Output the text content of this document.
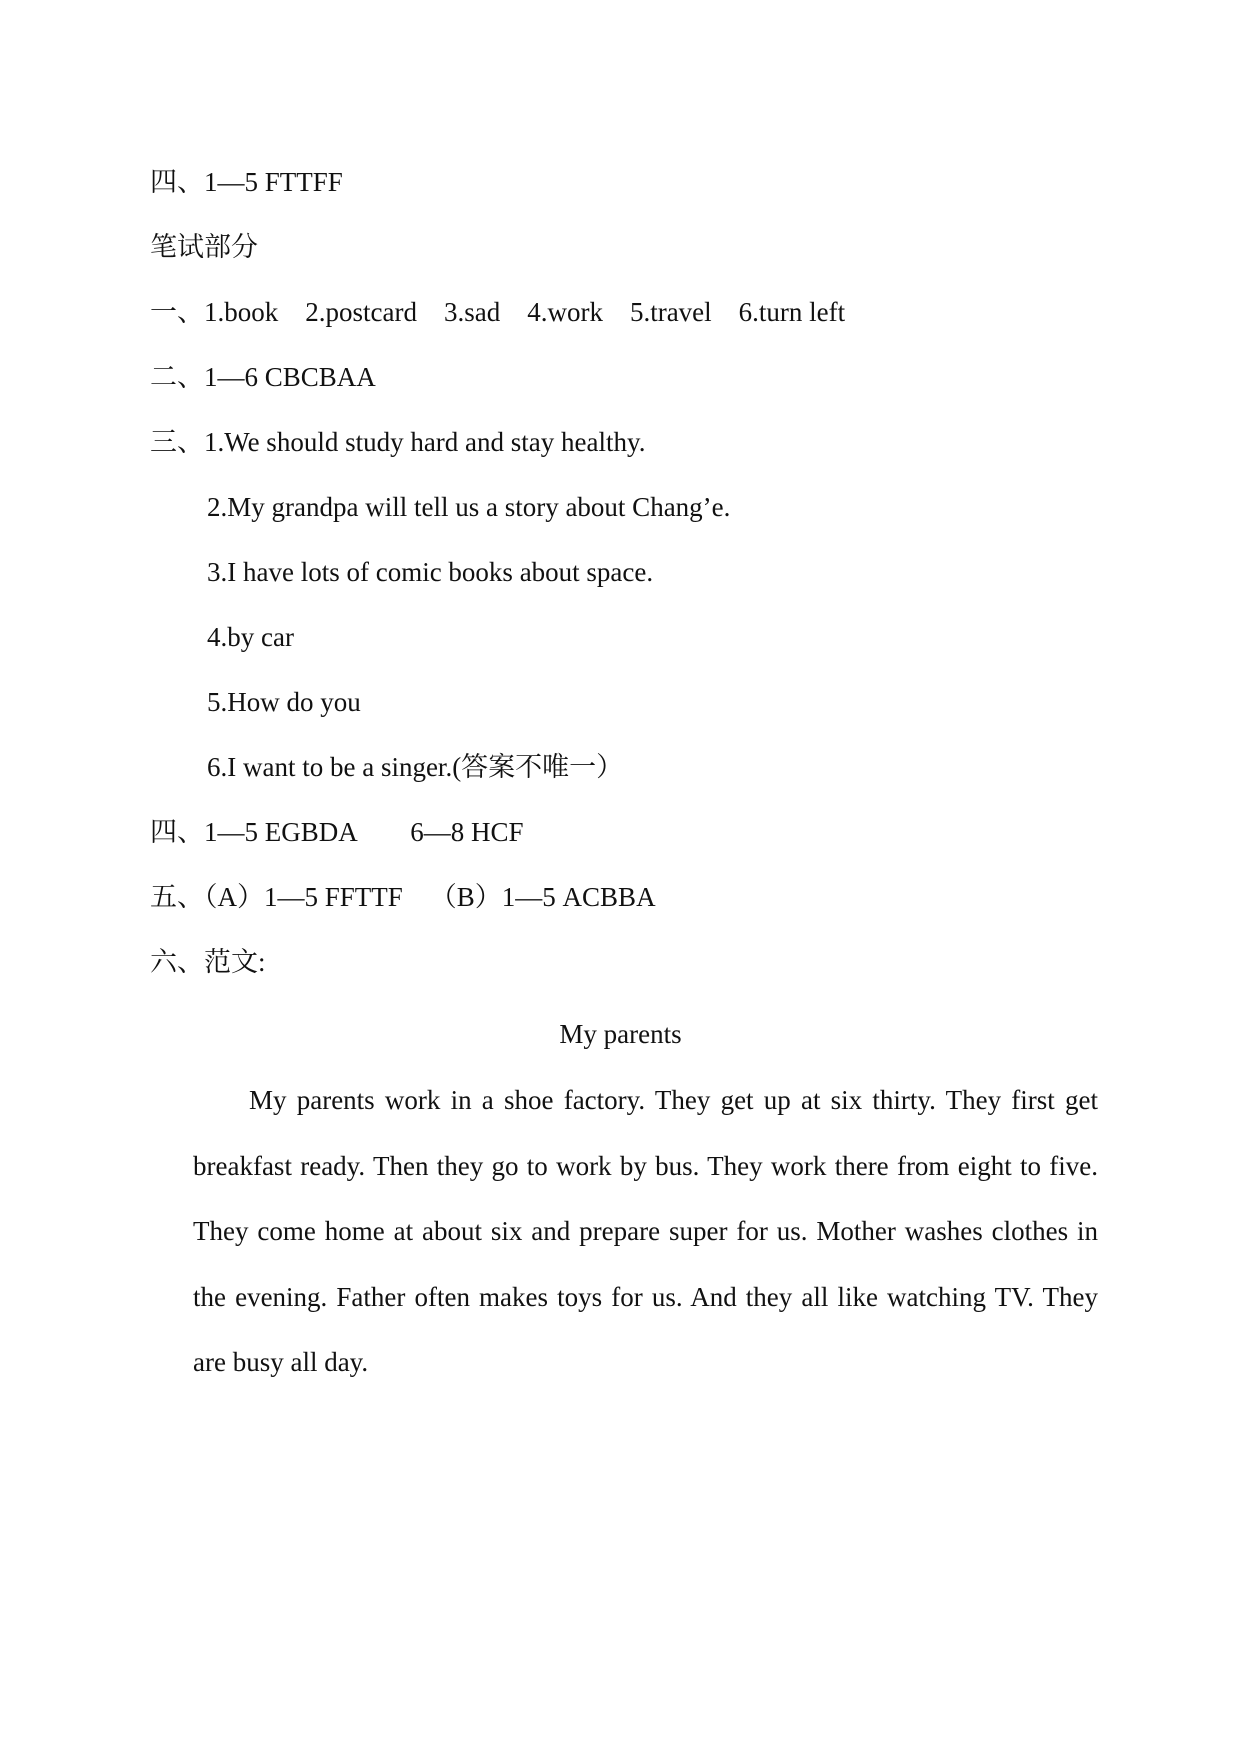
四、1—5 FTTFF
笔试部分
一、1.book    2.postcard    3.sad    4.work    5.travel    6.turn left
二、1—6 CBCBAA
三、1.We should study hard and stay healthy.
2.My grandpa will tell us a story about Chang’e.
3.I have lots of comic books about space.
4.by car
5.How do you
6.I want to be a singer.(答案不唯一）
四、1—5 EGBDA        6—8 HCF
五、（A）1—5 FFTTF    （B）1—5 ACBBA
六、范文:
My parents
My parents work in a shoe factory. They get up at six thirty. They first get breakfast ready. Then they go to work by bus. They work there from eight to five. They come home at about six and prepare super for us. Mother washes clothes in the evening. Father often makes toys for us. And they all like watching TV. They are busy all day.
